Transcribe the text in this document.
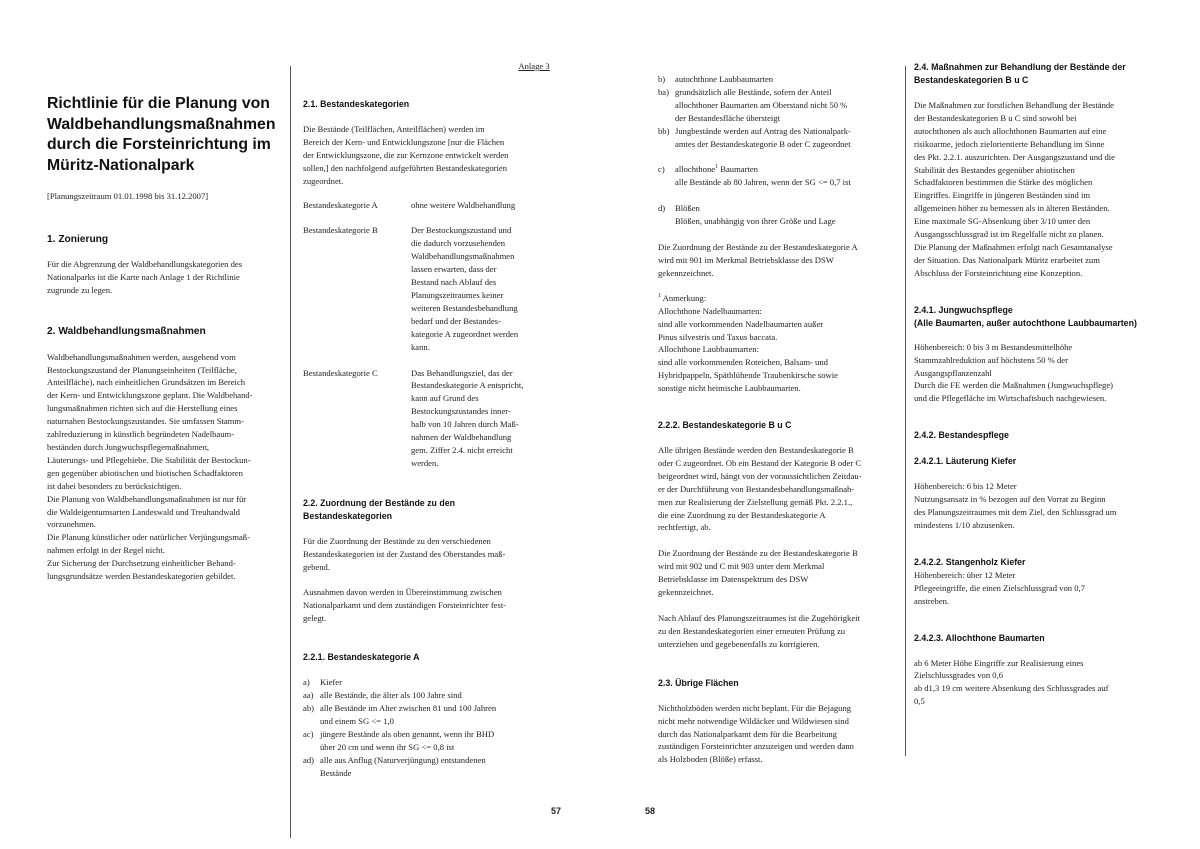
Anlage 3

Richtlinie für die Planung von

Waldbehandlungsmaßnahmen

durch die Forsteinrichtung im

Müritz-Nationalpark

[Planungszeitraum 01.01.1998 bis 31.12.2007]

1. Zonierung

Für die Abgrenzung der Waldbehandlungskategorien des

Nationalparks ist die Karte nach Anlage 1 der Richtlinie

zugrunde zu legen.

2. Waldbehandlungsmaßnahmen

Waldbehandlungsmaßnahmen werden, ausgehend vom

Bestockungszustand der Planungseinheiten (Teilfläche,

Anteilfläche), nach einheitlichen Grundsätzen im Bereich

der Kern- und Entwicklungszone geplant. Die Waldbehand-

lungsmaßnahmen richten sich auf die Herstellung eines

naturnahen Bestockungszustandes. Sie umfassen Stamm-

zahlreduzierung in künstlich begründeten Nadelbaum-

beständen durch Jungwuchspflegemaßnahmen,

Läuterungs- und Pflegehiebe. Die Stabilität der Bestockun-

gen gegenüber abiotischen und biotischen Schadfaktoren

ist dabei besonders zu berücksichtigen.

Die Planung von Waldbehandlungsmaßnahmen ist nur für

die Waldeigentumsarten Landeswald und Treuhandwald

vorzunehmen.

Die Planung künstlicher oder natürlicher Verjüngungsmaß-

nahmen erfolgt in der Regel nicht.

Zur Sicherung der Durchsetzung einheitlicher Behand-

lungsgrundsätze werden Bestandeskategorien gebildet.

2.1. Bestandeskategorien

Die Bestände (Teilflächen, Anteilflächen) werden im

Bereich der Kern- und Entwicklungszone [nur die Flächen

der Entwicklungszone, die zur Kernzone entwickelt werden

sollen,] den nachfolgend aufgeführten Bestandeskategorien

zugeordnet.

Bestandeskategorie A	ohne weitere Waldbehandlung

Bestandeskategorie B	Der Bestockungszustand und

die dadurch vorzusehenden

Waldbehandlungsmaßnahmen

lassen erwarten, dass der

Bestand nach Ablauf des

Planungszeitraumes keiner

weiteren Bestandesbehandlung

bedarf und der Bestandes-

kategorie A zugeordnet werden

kann.

Bestandeskategorie C	Das Behandlungsziel, das der

Bestandeskategorie A entspricht,

kann auf Grund des

Bestockungszustandes inner-

halb von 10 Jahren durch Maß-

nahmen der Waldbehandlung

gem. Ziffer 2.4. nicht erreicht

werden.

2.2. Zuordnung der Bestände zu den

Bestandeskategorien

Für die Zuordnung der Bestände zu den verschiedenen

Bestandeskategorien ist der Zustand des Oberstandes maß-

gebend.

Ausnahmen davon werden in Übereinstimmung zwischen

Nationalparkamt und dem zuständigen Forsteinrichter fest-

gelegt.

2.2.1. Bestandeskategorie A

a)	Kiefer

aa) alle Bestände, die älter als 100 Jahre sind

ab) alle Bestände im Alter zwischen 81 und 100 Jahren

und einem SG <= 1,0

ac) jüngere Bestände als oben genannt, wenn ihr BHD

über 20 cm und wenn ihr SG <= 0,8 ist

ad) alle aus Anflug (Naturverjüngung) entstandenen

Bestände

b)	autochthone Laubbaumarten

ba) grundsätzlich alle Bestände, sofern der Anteil

allochthoner Baumarten am Oberstand nicht 50 %

der Bestandesfläche übersteigt

bb) Jungbestände werden auf Antrag des Nationalpark-

amtes der Bestandeskategorie B oder C zugeordnet

c)	allochthone$^1$ Baumarten

alle Bestände ab 80 Jahren, wenn der SG <= 0,7 ist

d)	Blößen

Blößen, unabhängig von ihrer Größe und Lage

Die Zuordnung der Bestände zu der Bestandeskategorie A

wird mit 901 im Merkmal Betriebsklasse des DSW

gekennzeichnet.

$^1$ Anmerkung:

Allochthone Nadelbaumarten:

sind alle vorkommenden Nadelbaumarten außer

Pinus silvestris und Taxus baccata.

Allochthone Laubbaumarten:

sind alle vorkommenden Roteichen, Balsam- und

Hybridpappeln, Spätblühende Traubenkirsche sowie

sonstige nicht heimische Laubbaumarten.

2.2.2. Bestandeskategorie B u C

Alle übrigen Bestände werden den Bestandeskategorie B

oder C zugeordnet. Ob ein Bestand der Kategorie B oder C

beigeordnet wird, hängt von der voraussichtlichen Zeitdau-

er der Durchführung von Bestandesbehandlungsmaßnah-

men zur Realisierung der Zielstellung gemäß Pkt. 2.2.1.,

die eine Zuordnung zu der Bestandeskategorie A

rechtfertigt, ab.

Die Zuordnung der Bestände zu der Bestandeskategorie B

wird mit 902 und C mit 903 unter dem Merkmal

Betriebsklasse im Datenspektrum des DSW

gekennzeichnet.

Nach Ablauf des Planungszeitraumes ist die Zugehörigkeit

zu den Bestandeskategorien einer erneuten Prüfung zu

unterziehen und gegebenenfalls zu korrigieren.

2.3. Übrige Flächen

Nichtholzböden werden nicht beplant. Für die Bejagung

nicht mehr notwendige Wildäcker und Wildwiesen sind

durch das Nationalparkamt dem für die Bearbeitung

zuständigen Forsteinrichter anzuzeigen und werden dann

als Holzboden (Blöße) erfasst.

2.4. Maßnahmen zur Behandlung der Bestände der

Bestandeskategorien B u C

Die Maßnahmen zur forstlichen Behandlung der Bestände

der Bestandeskategorien B u C sind sowohl bei

autochthonen als auch allochthonen Baumarten auf eine

risikoarme, jedoch zielorientierte Behandlung im Sinne

des Pkt. 2.2.1. auszurichten. Der Ausgangszustand und die

Stabilität des Bestandes gegenüber abiotischen

Schadfaktoren bestimmen die Stärke des möglichen

Eingriffes. Eingriffe in jüngeren Beständen sind im

allgemeinen höher zu bemessen als in älteren Beständen.

Eine maximale SG-Absenkung über 3/10 unter den

Ausgangsschlussgrad ist im Regelfalle nicht zu planen.

Die Planung der Maßnahmen erfolgt nach Gesamtanalyse

der Situation. Das Nationalpark Müritz erarbeitet zum

Abschluss der Forsteinrichtung eine Konzeption.

2.4.1. Jungwuchspflege

(Alle Baumarten, außer autochthone Laubbaumarten)

Höhenbereich: 0 bis 3 m Bestandesmittelhöhe

Stammzahlreduktion auf höchstens 50 % der

Ausgangspflanzenzahl

Durch die FE werden die Maßnahmen (Jungwuchspflege)

und die Pflegefläche im Wirtschaftsbuch nachgewiesen.

2.4.2. Bestandespflege

2.4.2.1. Läuterung Kiefer

Höhenbereich: 6 bis 12 Meter

Nutzungsansatz in % bezogen auf den Vorrat zu Beginn

des Planungszeitraumes mit dem Ziel, den Schlussgrad um

mindestens 1/10 abzusenken.

2.4.2.2. Stangenholz Kiefer

Höhenbereich: über 12 Meter

Pflegeeingriffe, die einen Zielschlussgrad von 0,7

anstreben.

2.4.2.3. Allochthone Baumarten

ab 6 Meter Höhe Eingriffe zur Realisierung eines

Zielschlussgrades von 0,6

ab d1,3 19 cm weitere Absenkung des Schlussgrades auf

0,5

57	58
